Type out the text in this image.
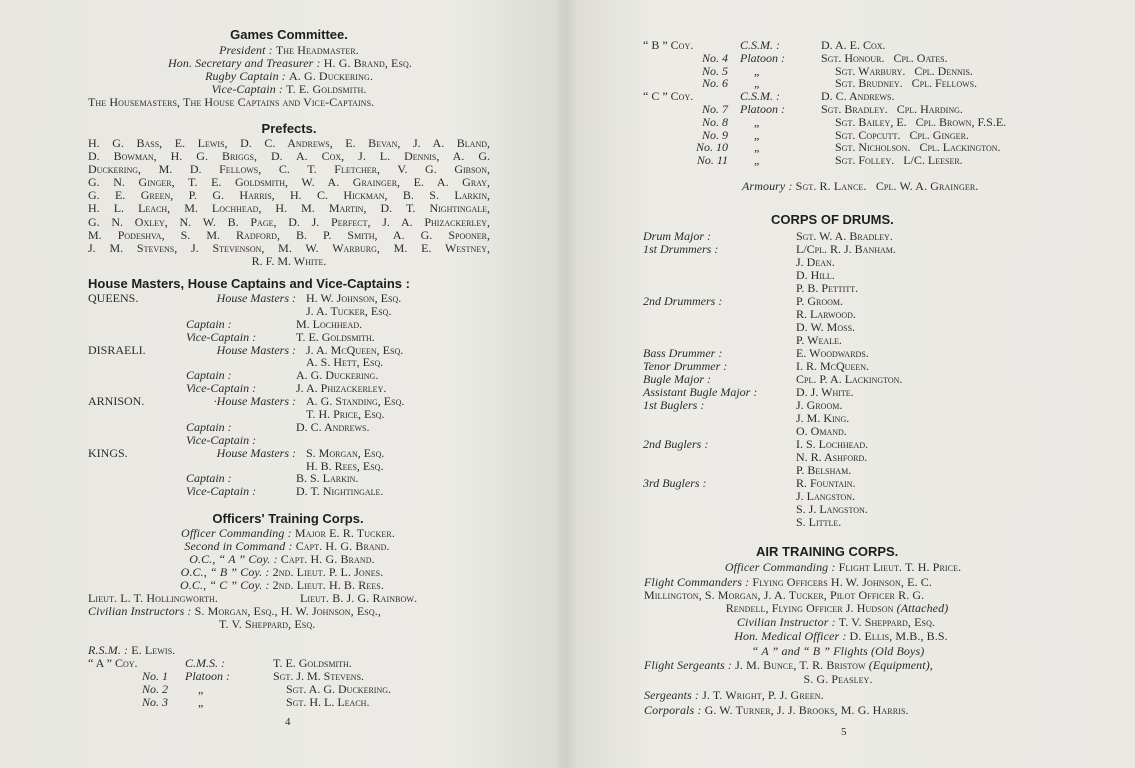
Games Committee.
President : The Headmaster.
Hon. Secretary and Treasurer : H. G. Brand, Esq.
Rugby Captain : A. G. Duckering.
Vice-Captain : T. E. Goldsmith.
The Housemasters, The House Captains and Vice-Captains.
Prefects.
H. G. Bass, E. Lewis, D. C. Andrews, E. Bevan, J. A. Bland,
D. Bowman, H. G. Briggs, D. A. Cox, J. L. Dennis, A. G.
Duckering, M. D. Fellows, C. T. Fletcher, V. G. Gibson,
G. N. Ginger, T. E. Goldsmith, W. A. Grainger, E. A. Gray,
G. E. Green, P. G. Harris, H. C. Hickman, B. S. Larkin,
H. L. Leach, M. Lochhead, H. M. Martin, D. T. Nightingale,
G. N. Oxley, N. W. B. Page, D. J. Perfect, J. A. Phizackerley,
M. Podeshva, S. M. Radford, B. P. Smith, A. G. Spooner,
J. M. Stevens, J. Stevenson, M. W. Warburg, M. E. Westney,
R. F. M. White.
House Masters, House Captains and Vice-Captains :
QUEENS.	House Masters : H. W. Johnson, Esq.
J. A. Tucker, Esq.
Captain :	M. Lochhead.
Vice-Captain :	T. E. Goldsmith.
DISRAELI.	House Masters : J. A. McQueen, Esq.
A. S. Hett, Esq.
Captain :	A. G. Duckering.
Vice-Captain :	J. A. Phizackerley.
ARNISON.	·House Masters : A. G. Standing, Esq.
T. H. Price, Esq.
Captain :	D. C. Andrews.
Vice-Captain :
KINGS.	House Masters : S. Morgan, Esq.
H. B. Rees, Esq.
Captain :	B. S. Larkin.
Vice-Captain :	D. T. Nightingale.
Officers' Training Corps.
Officer Commanding : Major E. R. Tucker.
Second in Command : Capt. H. G. Brand.
O.C., “ A ” Coy. : Capt. H. G. Brand.
O.C., “ B ” Coy. : 2nd. Lieut. P. L. Jones.
O.C., “ C ” Coy. : 2nd. Lieut. H. B. Rees.
Lieut. L. T. Hollingworth.	Lieut. B. J. G. Rainbow.
Civilian Instructors : S. Morgan, Esq., H. W. Johnson, Esq.,
T. V. Sheppard, Esq.
R.S.M. : E. Lewis.
“ A ” Coy.	C.M.S. :	T. E. Goldsmith.
No. 1	Platoon :	Sgt. J. M. Stevens.
No. 2	„	Sgt. A. G. Duckering.
No. 3	„	Sgt. H. L. Leach.
4
“ B ” Coy.	C.S.M. :	D. A. E. Cox.
No. 4	Platoon :	Sgt. Honour.   Cpl. Oates.
No. 5	„	Sgt. Warbury.   Cpl. Dennis.
No. 6	„	Sgt. Brudney.   Cpl. Fellows.
“ C ” Coy.	C.S.M. :	D. C. Andrews.
No. 7	Platoon :	Sgt. Bradley.   Cpl. Harding.
No. 8	„	Sgt. Bailey, E.   Cpl. Brown, F.S.E.
No. 9	„	Sgt. Copcutt.   Cpl. Ginger.
No. 10	„	Sgt. Nicholson.   Cpl. Lackington.
No. 11	„	Sgt. Folley.   L/C. Leeser.
Armoury : Sgt. R. Lance.   Cpl. W. A. Grainger.
CORPS OF DRUMS.
Drum Major :	Sgt. W. A. Bradley.
1st Drummers :	L/Cpl. R. J. Banham.
J. Dean.
D. Hill.
P. B. Pettitt.
2nd Drummers :	P. Groom.
R. Larwood.
D. W. Moss.
P. Weale.
Bass Drummer :	E. Woodwards.
Tenor Drummer :	I. R. McQueen.
Bugle Major :	Cpl. P. A. Lackington.
Assistant Bugle Major :	D. J. White.
1st Buglers :	J. Groom.
J. M. King.
O. Omand.
2nd Buglers :	I. S. Lochhead.
N. R. Ashford.
P. Belsham.
3rd Buglers :	R. Fountain.
J. Langston.
S. J. Langston.
S. Little.
AIR TRAINING CORPS.
Officer Commanding : Flight Lieut. T. H. Price.
Flight Commanders : Flying Officers H. W. Johnson, E. C.
Millington, S. Morgan, J. A. Tucker, Pilot Officer R. G.
Rendell, Flying Officer J. Hudson (Attached)
Civilian Instructor : T. V. Sheppard, Esq.
Hon. Medical Officer : D. Ellis, M.B., B.S.
“ A ” and “ B ” Flights (Old Boys)
Flight Sergeants : J. M. Bunce, T. R. Bristow (Equipment),
S. G. Peasley.
Sergeants : J. T. Wright, P. J. Green.
Corporals : G. W. Turner, J. J. Brooks, M. G. Harris.
5
